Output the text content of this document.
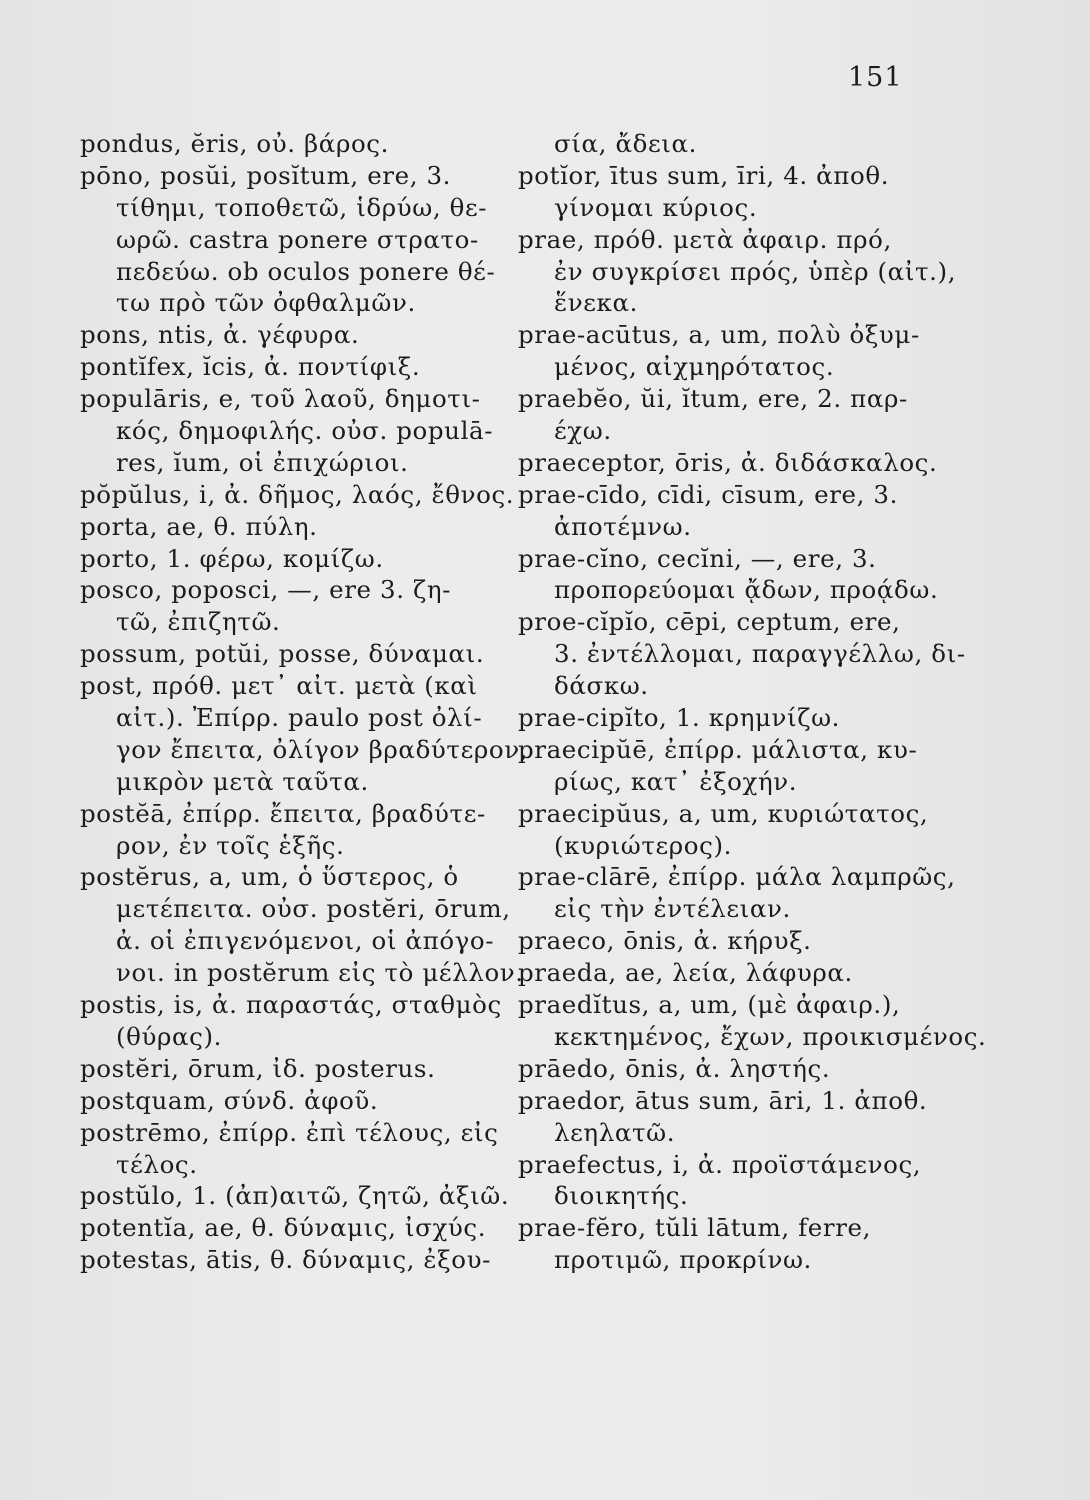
151
pondus, ĕris, οὐ. βάρος.
pōno, posŭi, posĭtum, ere, 3.
τίθημι, τοποθετῶ, ἱδρύω, θε-
ωρῶ. castra ponere στρατο-
πεδεύω. ob oculos ponere θέ-
τω πρὸ τῶν ὀφθαλμῶν.
pons, ntis, ἀ. γέφυρα.
pontĭfex, ĭcis, ἀ. ποντίφιξ.
populāris, e, τοῦ λαοῦ, δημοτι-
κός, δημοφιλής. οὐσ. populā-
res, ĭum, οἱ ἐπιχώριοι.
pŏpŭlus, i, ἀ. δῆμος, λαός, ἔθνος.
porta, ae, θ. πύλη.
porto, 1. φέρω, κομίζω.
posco, poposci, —, ere 3. ζη-
τῶ, ἐπιζητῶ.
possum, potŭi, posse, δύναμαι.
post, πρόθ. μετ᾽ αἰτ. μετὰ (καὶ
αἰτ.). Ἐπίρρ. paulo post ὀλί-
γον ἔπειτα, ὀλίγον βραδύτερον,
μικρὸν μετὰ ταῦτα.
postĕā, ἐπίρρ. ἔπειτα, βραδύτε-
ρον, ἐν τοῖς ἑξῆς.
postĕrus, a, um, ὁ ὕστερος, ὁ
μετέπειτα. οὐσ. postĕri, ōrum,
ἀ. οἱ ἐπιγενόμενοι, οἱ ἀπόγο-
νοι. in postĕrum εἰς τὸ μέλλον.
postis, is, ἀ. παραστάς, σταθμὸς
(θύρας).
postĕri, ōrum, ἰδ. posterus.
postquam, σύνδ. ἀφοῦ.
postrēmo, ἐπίρρ. ἐπὶ τέλους, εἰς
τέλος.
postŭlo, 1. (ἀπ)αιτῶ, ζητῶ, ἀξιῶ.
potentĭa, ae, θ. δύναμις, ἰσχύς.
potestas, ātis, θ. δύναμις, ἐξου-
σία, ἄδεια.
potĭor, ītus sum, īri, 4. ἀποθ.
γίνομαι κύριος.
prae, πρόθ. μετὰ ἀφαιρ. πρό,
ἐν συγκρίσει πρός, ὑπὲρ (αἰτ.),
ἕνεκα.
prae-acūtus, a, um, πολὺ ὀξυμ-
μένος, αἰχμηρότατος.
praebĕo, ŭi, ĭtum, ere, 2. παρ-
έχω.
praeceptor, ōris, ἀ. διδάσκαλος.
prae-cīdo, cīdi, cīsum, ere, 3.
ἀποτέμνω.
prae-cĭno, cecĭni, —, ere, 3.
προπορεύομαι ᾄδων, προᾴδω.
proe-cĭpĭo, cēpi, ceptum, ere,
3. ἐντέλλομαι, παραγγέλλω, δι-
δάσκω.
prae-cipĭto, 1. κρημνίζω.
praecipŭē, ἐπίρρ. μάλιστα, κυ-
ρίως, κατ᾽ ἐξοχήν.
praecipŭus, a, um, κυριώτατος,
(κυριώτερος).
prae-clārē, ἐπίρρ. μάλα λαμπρῶς,
εἰς τὴν ἐντέλειαν.
praeco, ōnis, ἀ. κήρυξ.
praeda, ae, λεία, λάφυρα.
praedĭtus, a, um, (μὲ ἀφαιρ.),
κεκτημένος, ἔχων, προικισμένος.
prāedo, ōnis, ἀ. ληστής.
praedor, ātus sum, āri, 1. ἀποθ.
λεηλατῶ.
praefectus, i, ἀ. προϊστάμενος,
διοικητής.
prae-fĕro, tŭli lātum, ferre,
προτιμῶ, προκρίνω.
